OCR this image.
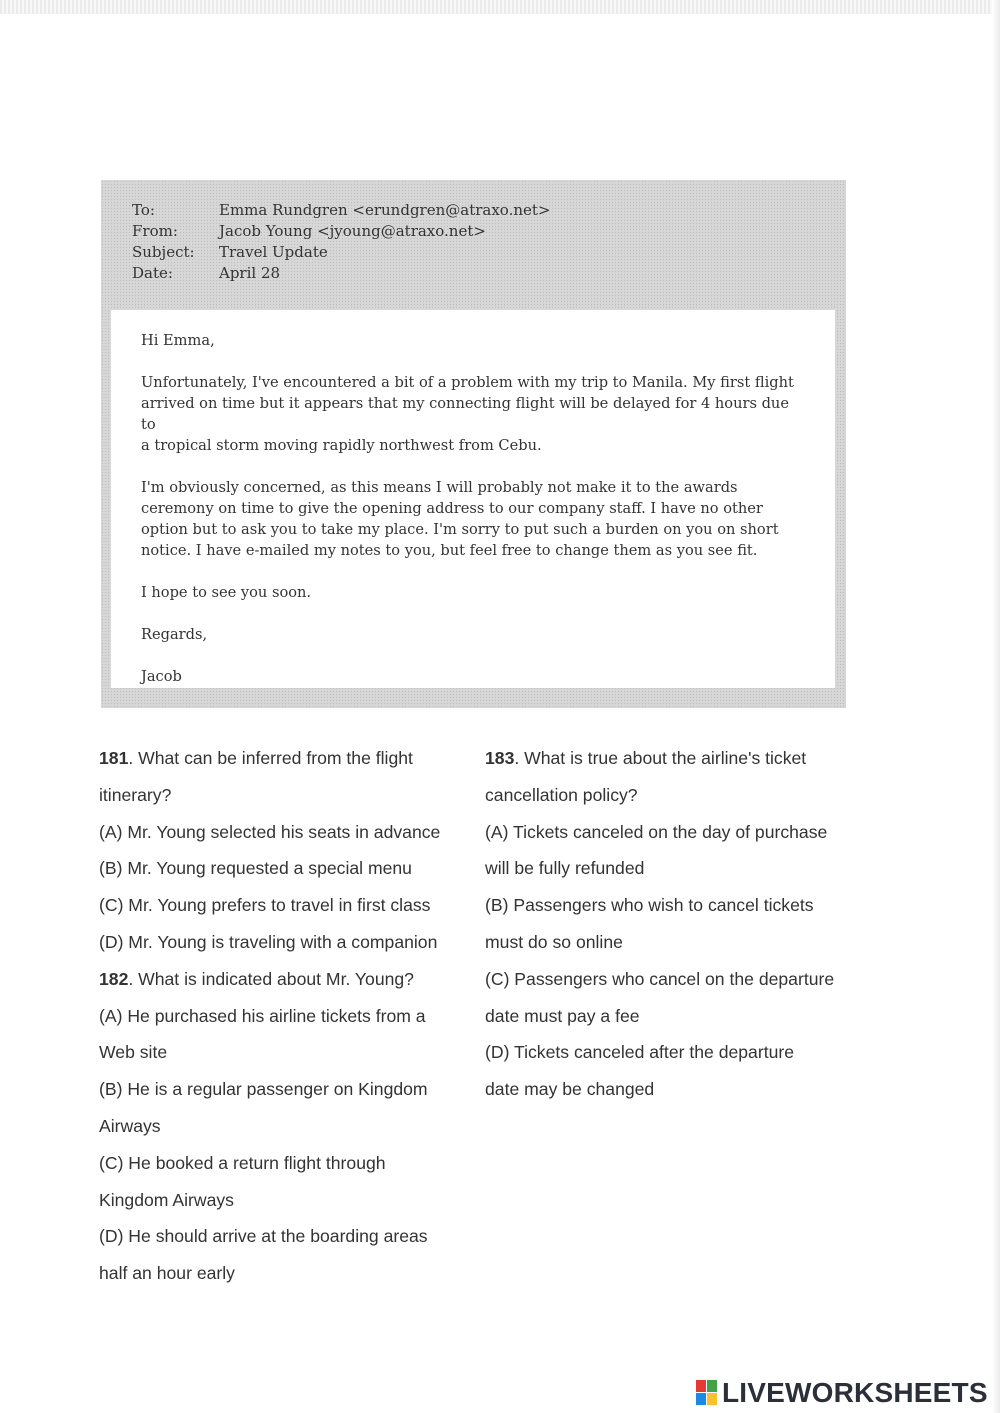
To:	Emma Rundgren <erundgren@atraxo.net>
From:	Jacob Young <jyoung@atraxo.net>
Subject:	Travel Update
Date:	April 28

Hi Emma,

Unfortunately, I've encountered a bit of a problem with my trip to Manila. My first flight
arrived on time but it appears that my connecting flight will be delayed for 4 hours due to
a tropical storm moving rapidly northwest from Cebu.

I'm obviously concerned, as this means I will probably not make it to the awards
ceremony on time to give the opening address to our company staff. I have no other
option but to ask you to take my place. I'm sorry to put such a burden on you on short
notice. I have e-mailed my notes to you, but feel free to change them as you see fit.

I hope to see you soon.

Regards,

Jacob

181. What can be inferred from the flight
itinerary?
(A) Mr. Young selected his seats in advance
(B) Mr. Young requested a special menu
(C) Mr. Young prefers to travel in first class
(D) Mr. Young is traveling with a companion
182. What is indicated about Mr. Young?
(A) He purchased his airline tickets from a
Web site
(B) He is a regular passenger on Kingdom
Airways
(C) He booked a return flight through
Kingdom Airways
(D) He should arrive at the boarding areas
half an hour early
183. What is true about the airline's ticket
cancellation policy?
(A) Tickets canceled on the day of purchase
will be fully refunded
(B) Passengers who wish to cancel tickets
must do so online
(C) Passengers who cancel on the departure
date must pay a fee
(D) Tickets canceled after the departure
date may be changed
LIVEWORKSHEETS
